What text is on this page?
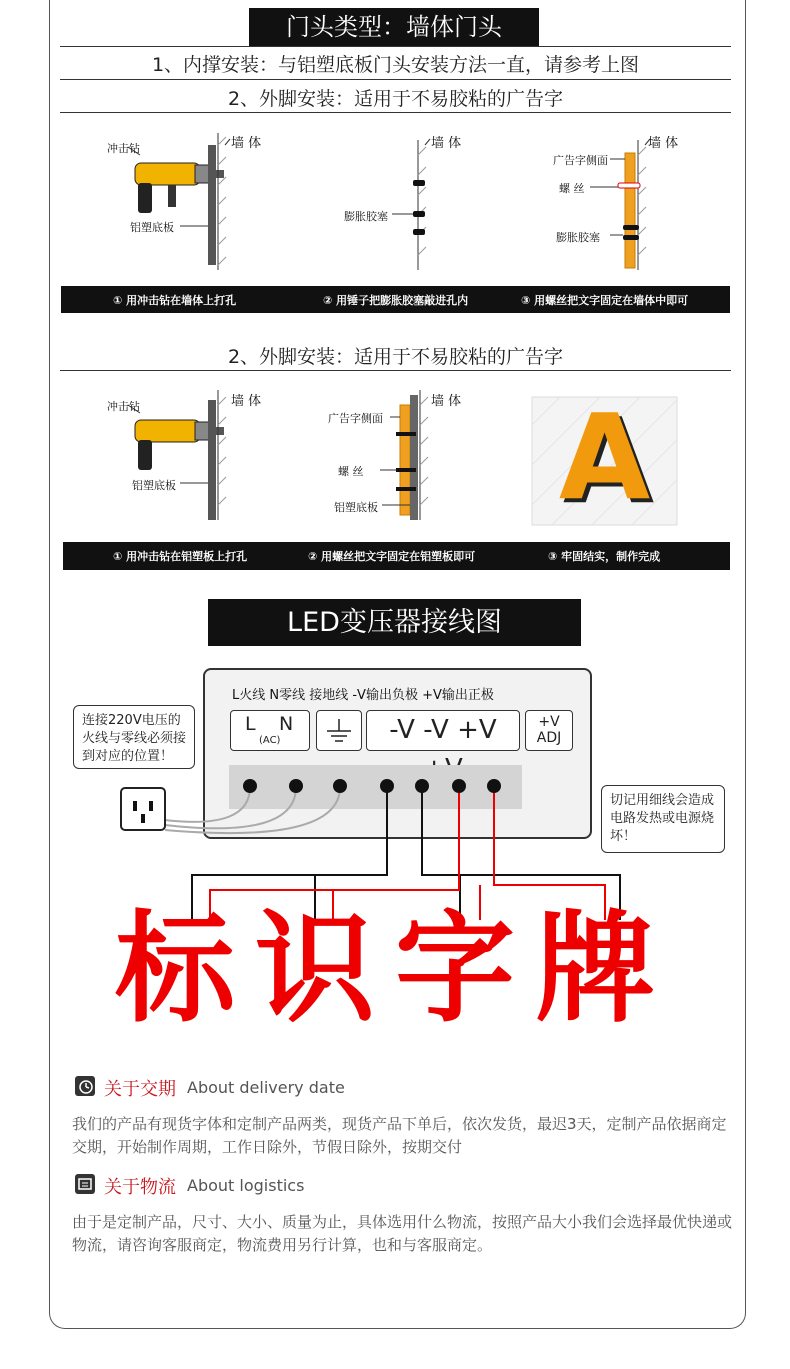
门头类型：墙体门头
1、内撑安装：与铝塑底板门头安装方法一直，请参考上图
2、外脚安装：适用于不易胶粘的广告字
冲击钻	墙 体
铝塑底板
墙 体
膨胀胶塞
墙 体
广告字侧面
螺 丝
膨胀胶塞
① 用冲击钻在墙体上打孔	② 用锤子把膨胀胶塞敲进孔内	③ 用螺丝把文字固定在墙体中即可
2、外脚安装：适用于不易胶粘的广告字
A
冲击钻	墙 体
铝塑底板
墙 体
广告字侧面
螺 丝
铝塑底板
① 用冲击钻在铝塑板上打孔	② 用螺丝把文字固定在铝塑板即可	③ 牢固结实，制作完成
LED变压器接线图
L火线 N零线 接地线 -V输出负极 +V输出正极
L N
(AC)	-V -V +V	+V
ADJ
连接220V电压的火线与零线必须接到对应的位置！
切记用细线会造成电路发热或电源烧坏！
标识字牌
关于交期 About delivery date
我们的产品有现货字体和定制产品两类，现货产品下单后，依次发货，最迟3天，定制产品依据商定交期，开始制作周期，工作日除外，节假日除外，按期交付
关于物流 About logistics
由于是定制产品，尺寸、大小、质量为止，具体选用什么物流，按照产品大小我们会选择最优快递或物流，请咨询客服商定，物流费用另行计算，也和与客服商定。
